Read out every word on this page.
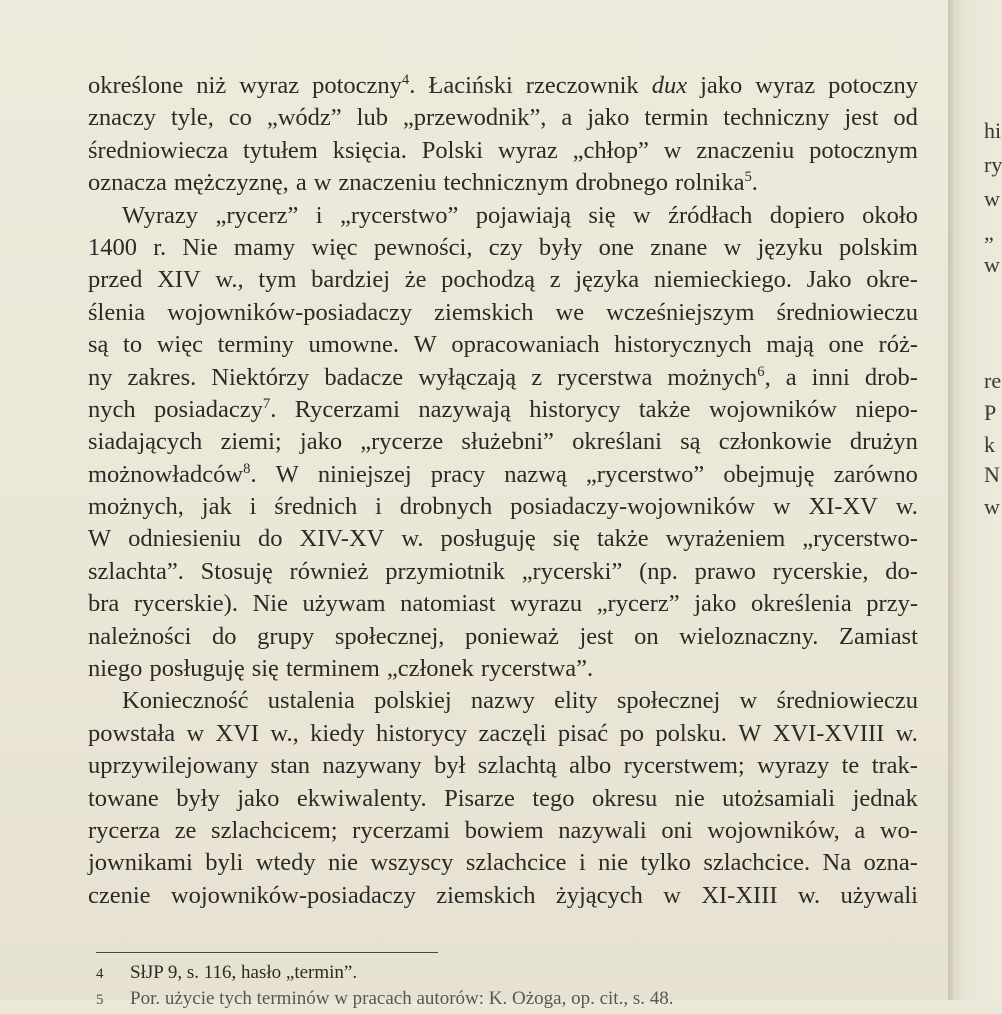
hi
ry
w
„
w
re
P
k
N
w
określone niż wyraz potoczny$^4$. Łaciński rzeczownik dux jako wyraz potoczny
znaczy tyle, co „wódz” lub „przewodnik”, a jako termin techniczny jest od
średniowiecza tytułem księcia. Polski wyraz „chłop” w znaczeniu potocznym
oznacza mężczyznę, a w znaczeniu technicznym drobnego rolnika$^5$.
Wyrazy „rycerz” i „rycerstwo” pojawiają się w źródłach dopiero około
1400 r. Nie mamy więc pewności, czy były one znane w języku polskim
przed XIV w., tym bardziej że pochodzą z języka niemieckiego. Jako okre-
ślenia wojowników-posiadaczy ziemskich we wcześniejszym średniowieczu
są to więc terminy umowne. W opracowaniach historycznych mają one róż-
ny zakres. Niektórzy badacze wyłączają z rycerstwa możnych$^6$, a inni drob-
nych posiadaczy$^7$. Rycerzami nazywają historycy także wojowników niepo-
siadających ziemi; jako „rycerze służebni” określani są członkowie drużyn
możnowładców$^8$. W niniejszej pracy nazwą „rycerstwo” obejmuję zarówno
możnych, jak i średnich i drobnych posiadaczy-wojowników w XI-XV w.
W odniesieniu do XIV-XV w. posługuję się także wyrażeniem „rycerstwo-
szlachta”. Stosuję również przymiotnik „rycerski” (np. prawo rycerskie, do-
bra rycerskie). Nie używam natomiast wyrazu „rycerz” jako określenia przy-
należności do grupy społecznej, ponieważ jest on wieloznaczny. Zamiast
niego posługuję się terminem „członek rycerstwa”.
Konieczność ustalenia polskiej nazwy elity społecznej w średniowieczu
powstała w XVI w., kiedy historycy zaczęli pisać po polsku. W XVI-XVIII w.
uprzywilejowany stan nazywany był szlachtą albo rycerstwem; wyrazy te trak-
towane były jako ekwiwalenty. Pisarze tego okresu nie utożsamiali jednak
rycerza ze szlachcicem; rycerzami bowiem nazywali oni wojowników, a wo-
jownikami byli wtedy nie wszyscy szlachcice i nie tylko szlachcice. Na ozna-
czenie wojowników-posiadaczy ziemskich żyjących w XI-XIII w. używali
4	SłJP 9, s. 116, hasło „termin”.
5	Por. użycie tych terminów w pracach autorów: K. Ożoga, op. cit., s. 48.
